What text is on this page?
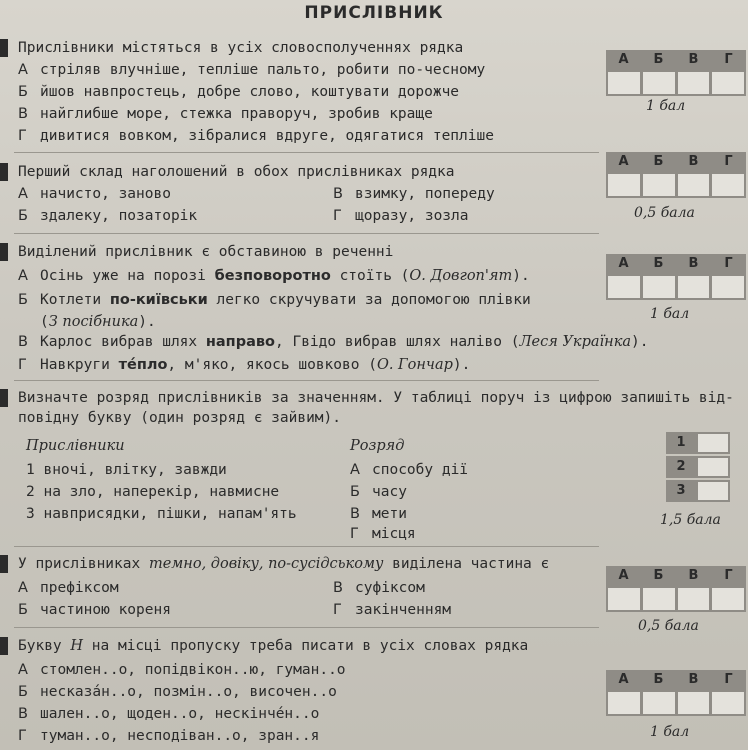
ПРИСЛІВНИК
Прислівники містяться в усіх словосполученнях рядка
А стріляв влучніше, тепліше пальто, робити по-чесному
Б йшов навпростець, добре слово, коштувати дорожче
В найглибше море, стежка праворуч, зробив краще
Г дивитися вовком, зібралися вдруге, одягатися тепліше
А	Б	В	Г
1 бал
Перший склад наголошений в обох прислівниках рядка
А начисто, заново
Б здалеку, позаторік
В взимку, попереду
Г щоразу, зозла
А	Б	В	Г
0,5 бала
Виділений прислівник є обставиною в реченні
А Осінь уже на порозі безповоротно стоїть (О. Довгоп'ят).
Б Котлети по-київськи легко скручувати за допомогою плівки
(З посібника).
В Карлос вибрав шлях направо, Гвідо вибрав шлях наліво (Леся Українка).
Г Навкруги тéпло, м'яко, якось шовково (О. Гончар).
А	Б	В	Г
1 бал
Визначте розряд прислівників за значенням. У таблиці поруч із цифрою запишіть від-
повідну букву (один розряд є зайвим).
Прислівники	Розряд
1 вночі, влітку, завжди
2 на зло, наперекір, навмисне
3 навприсядки, пішки, напам'ять
А способу дії
Б часу
В мети
Г місця
1
2
3
1,5 бала
У прислівниках темно, довіку, по-сусідському виділена частина є
А префіксом
Б частиною кореня
В суфіксом
Г закінченням
А	Б	В	Г
0,5 бала
Букву Н на місці пропуску треба писати в усіх словах рядка
А стомлен..о, попідвікон..ю, гуман..о
Б несказáн..о, позмін..о, височен..о
В шален..о, щоден..о, нескінчéн..о
Г туман..о, несподіван..о, зран..я
А	Б	В	Г
1 бал
